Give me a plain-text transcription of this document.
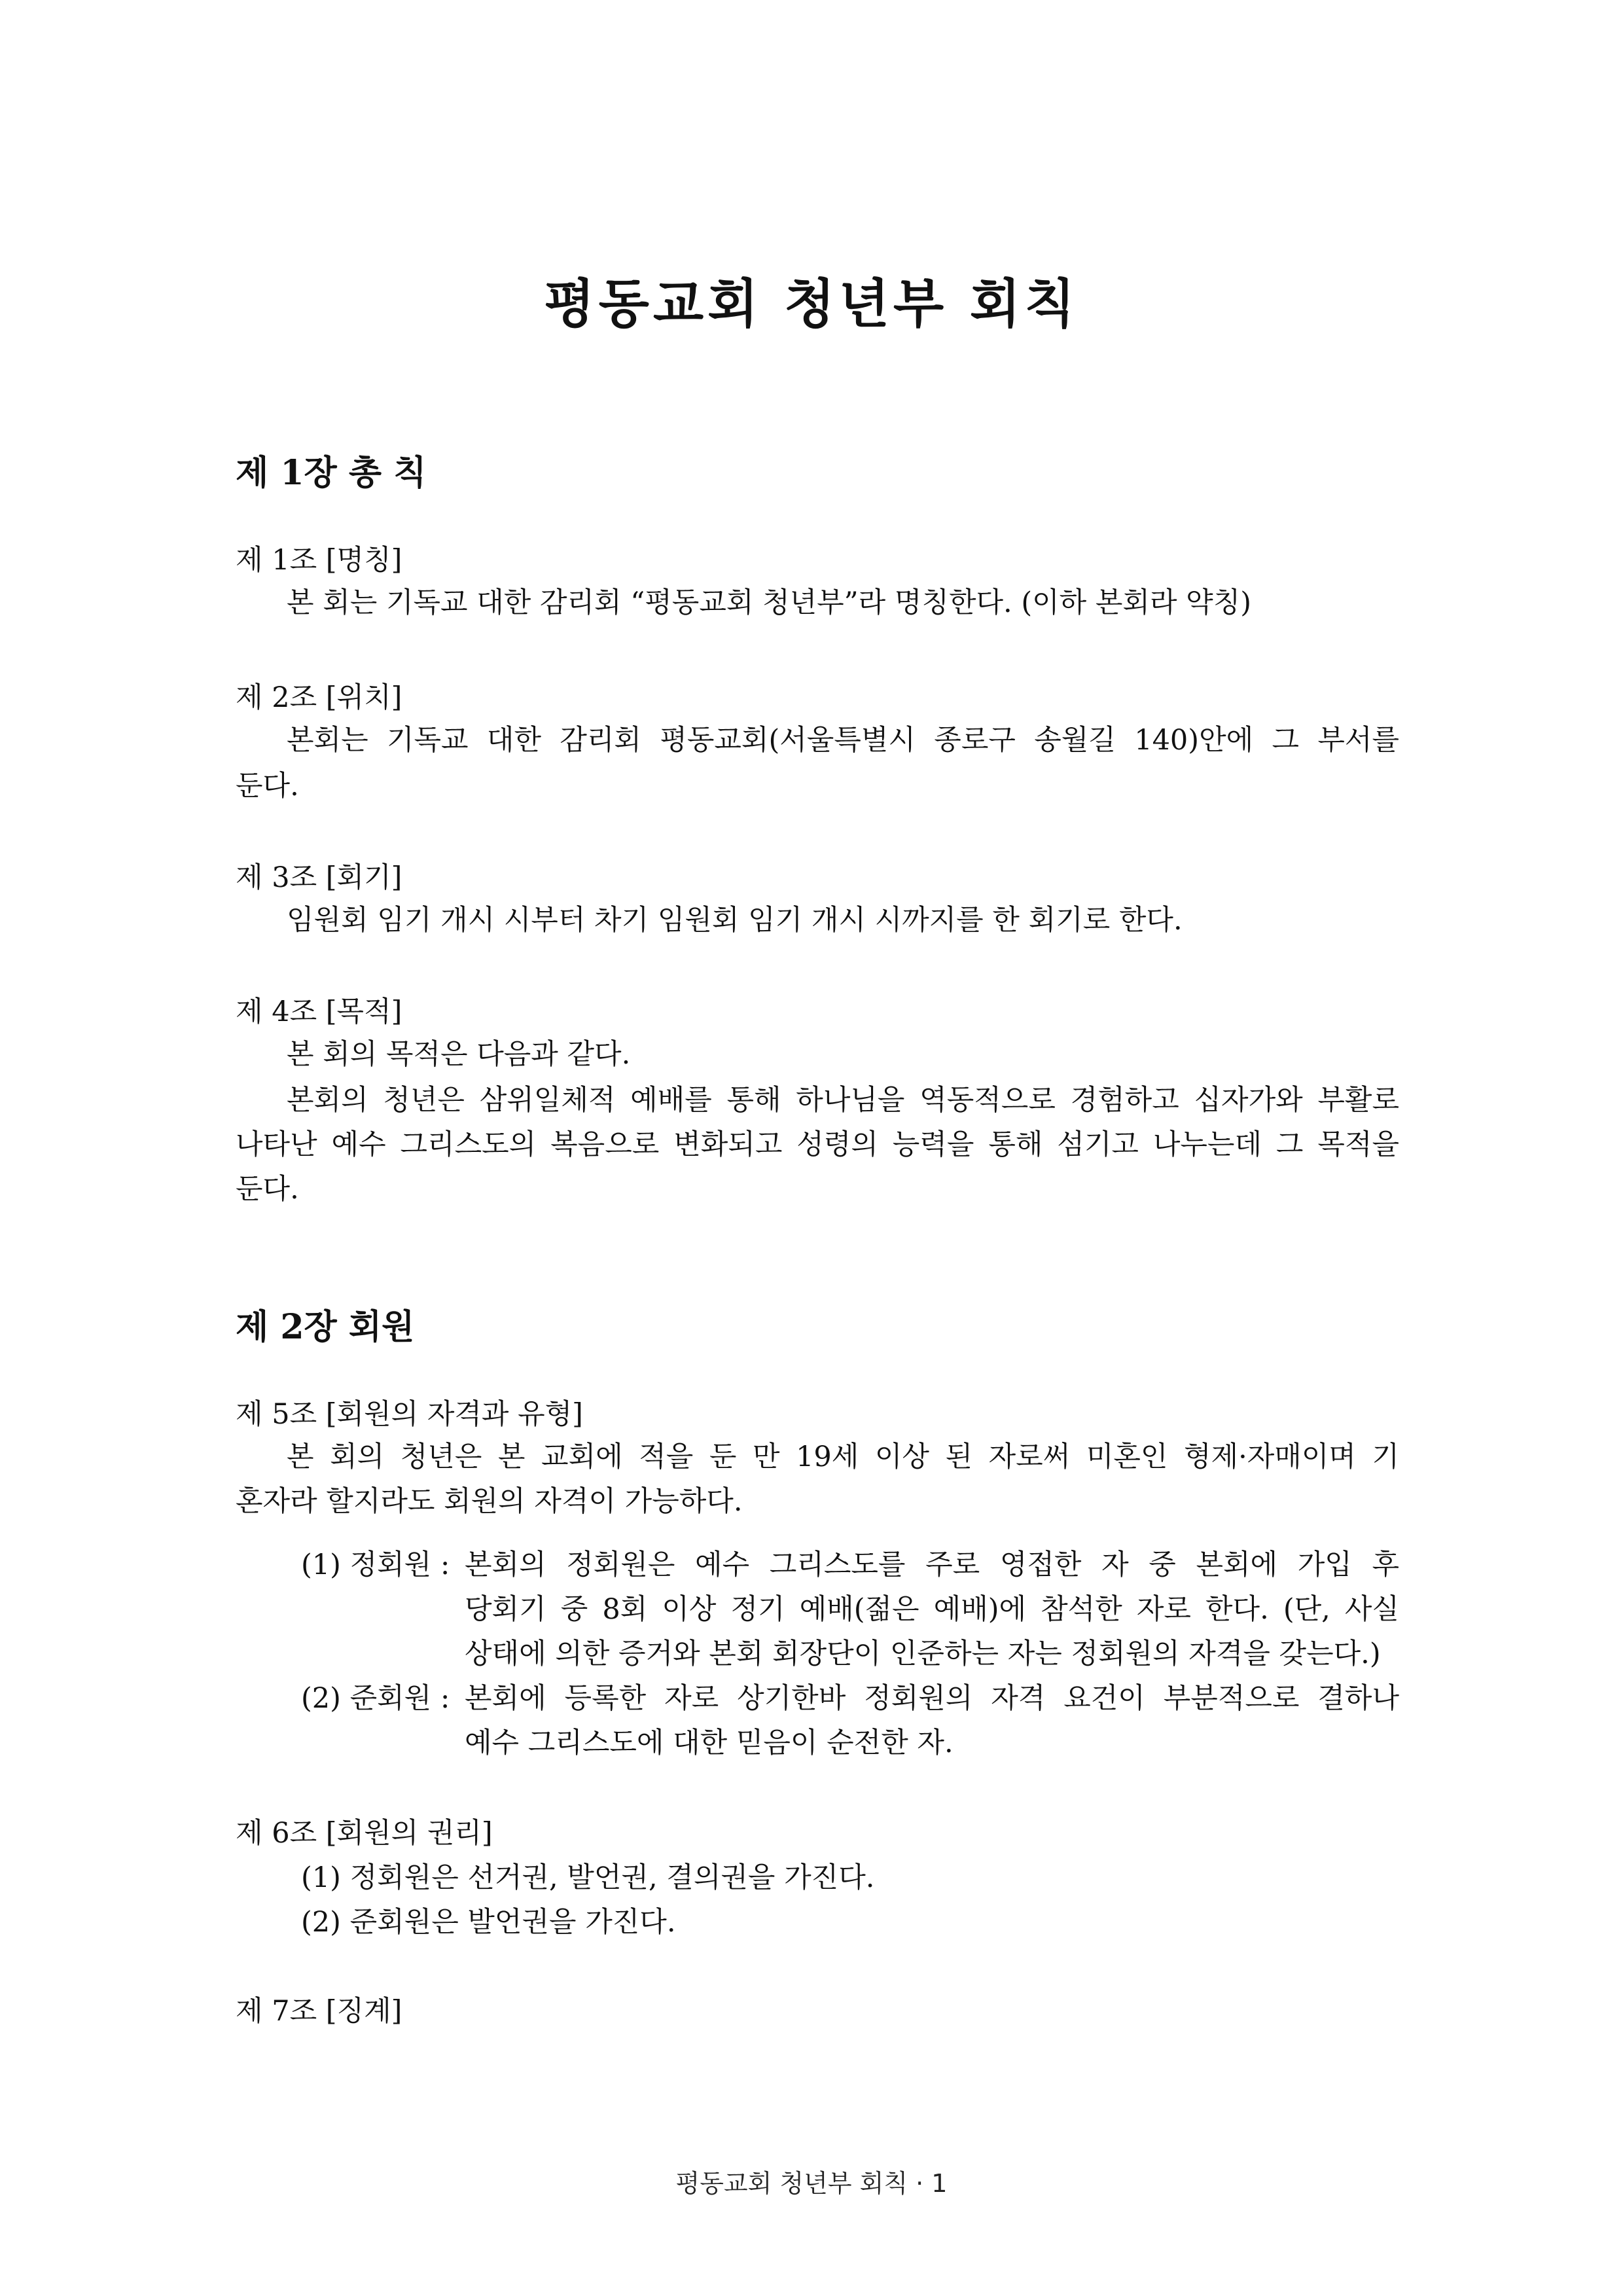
평동교회 청년부 회칙
제 1장 총 칙

제 1조 [명칭]

본 회는 기독교 대한 감리회 “평동교회 청년부”라 명칭한다. (이하 본회라 약칭)

제 2조 [위치]

본회는 기독교 대한 감리회 평동교회(서울특별시 종로구 송월길 140)안에 그 부서를

둔다.

제 3조 [회기]

임원회 임기 개시 시부터 차기 임원회 임기 개시 시까지를 한 회기로 한다.

제 4조 [목적]

본 회의 목적은 다음과 같다.

본회의 청년은 삼위일체적 예배를 통해 하나님을 역동적으로 경험하고 십자가와 부활로

나타난 예수 그리스도의 복음으로 변화되고 성령의 능력을 통해 섬기고 나누는데 그 목적을

둔다.

제 2장 회원

제 5조 [회원의 자격과 유형]

본 회의 청년은 본 교회에 적을 둔 만 19세 이상 된 자로써 미혼인 형제·자매이며 기

혼자라 할지라도 회원의 자격이 가능하다.

(1) 정회원 : 본회의 정회원은 예수 그리스도를 주로 영접한 자 중 본회에 가입 후

당회기 중 8회 이상 정기 예배(젊은 예배)에 참석한 자로 한다. (단, 사실

상태에 의한 증거와 본회 회장단이 인준하는 자는 정회원의 자격을 갖는다.)

(2) 준회원 : 본회에 등록한 자로 상기한바 정회원의 자격 요건이 부분적으로 결하나

예수 그리스도에 대한 믿음이 순전한 자.

제 6조 [회원의 권리]

(1) 정회원은 선거권, 발언권, 결의권을 가진다.

(2) 준회원은 발언권을 가진다.

제 7조 [징계]

평동교회 청년부 회칙 · 1
